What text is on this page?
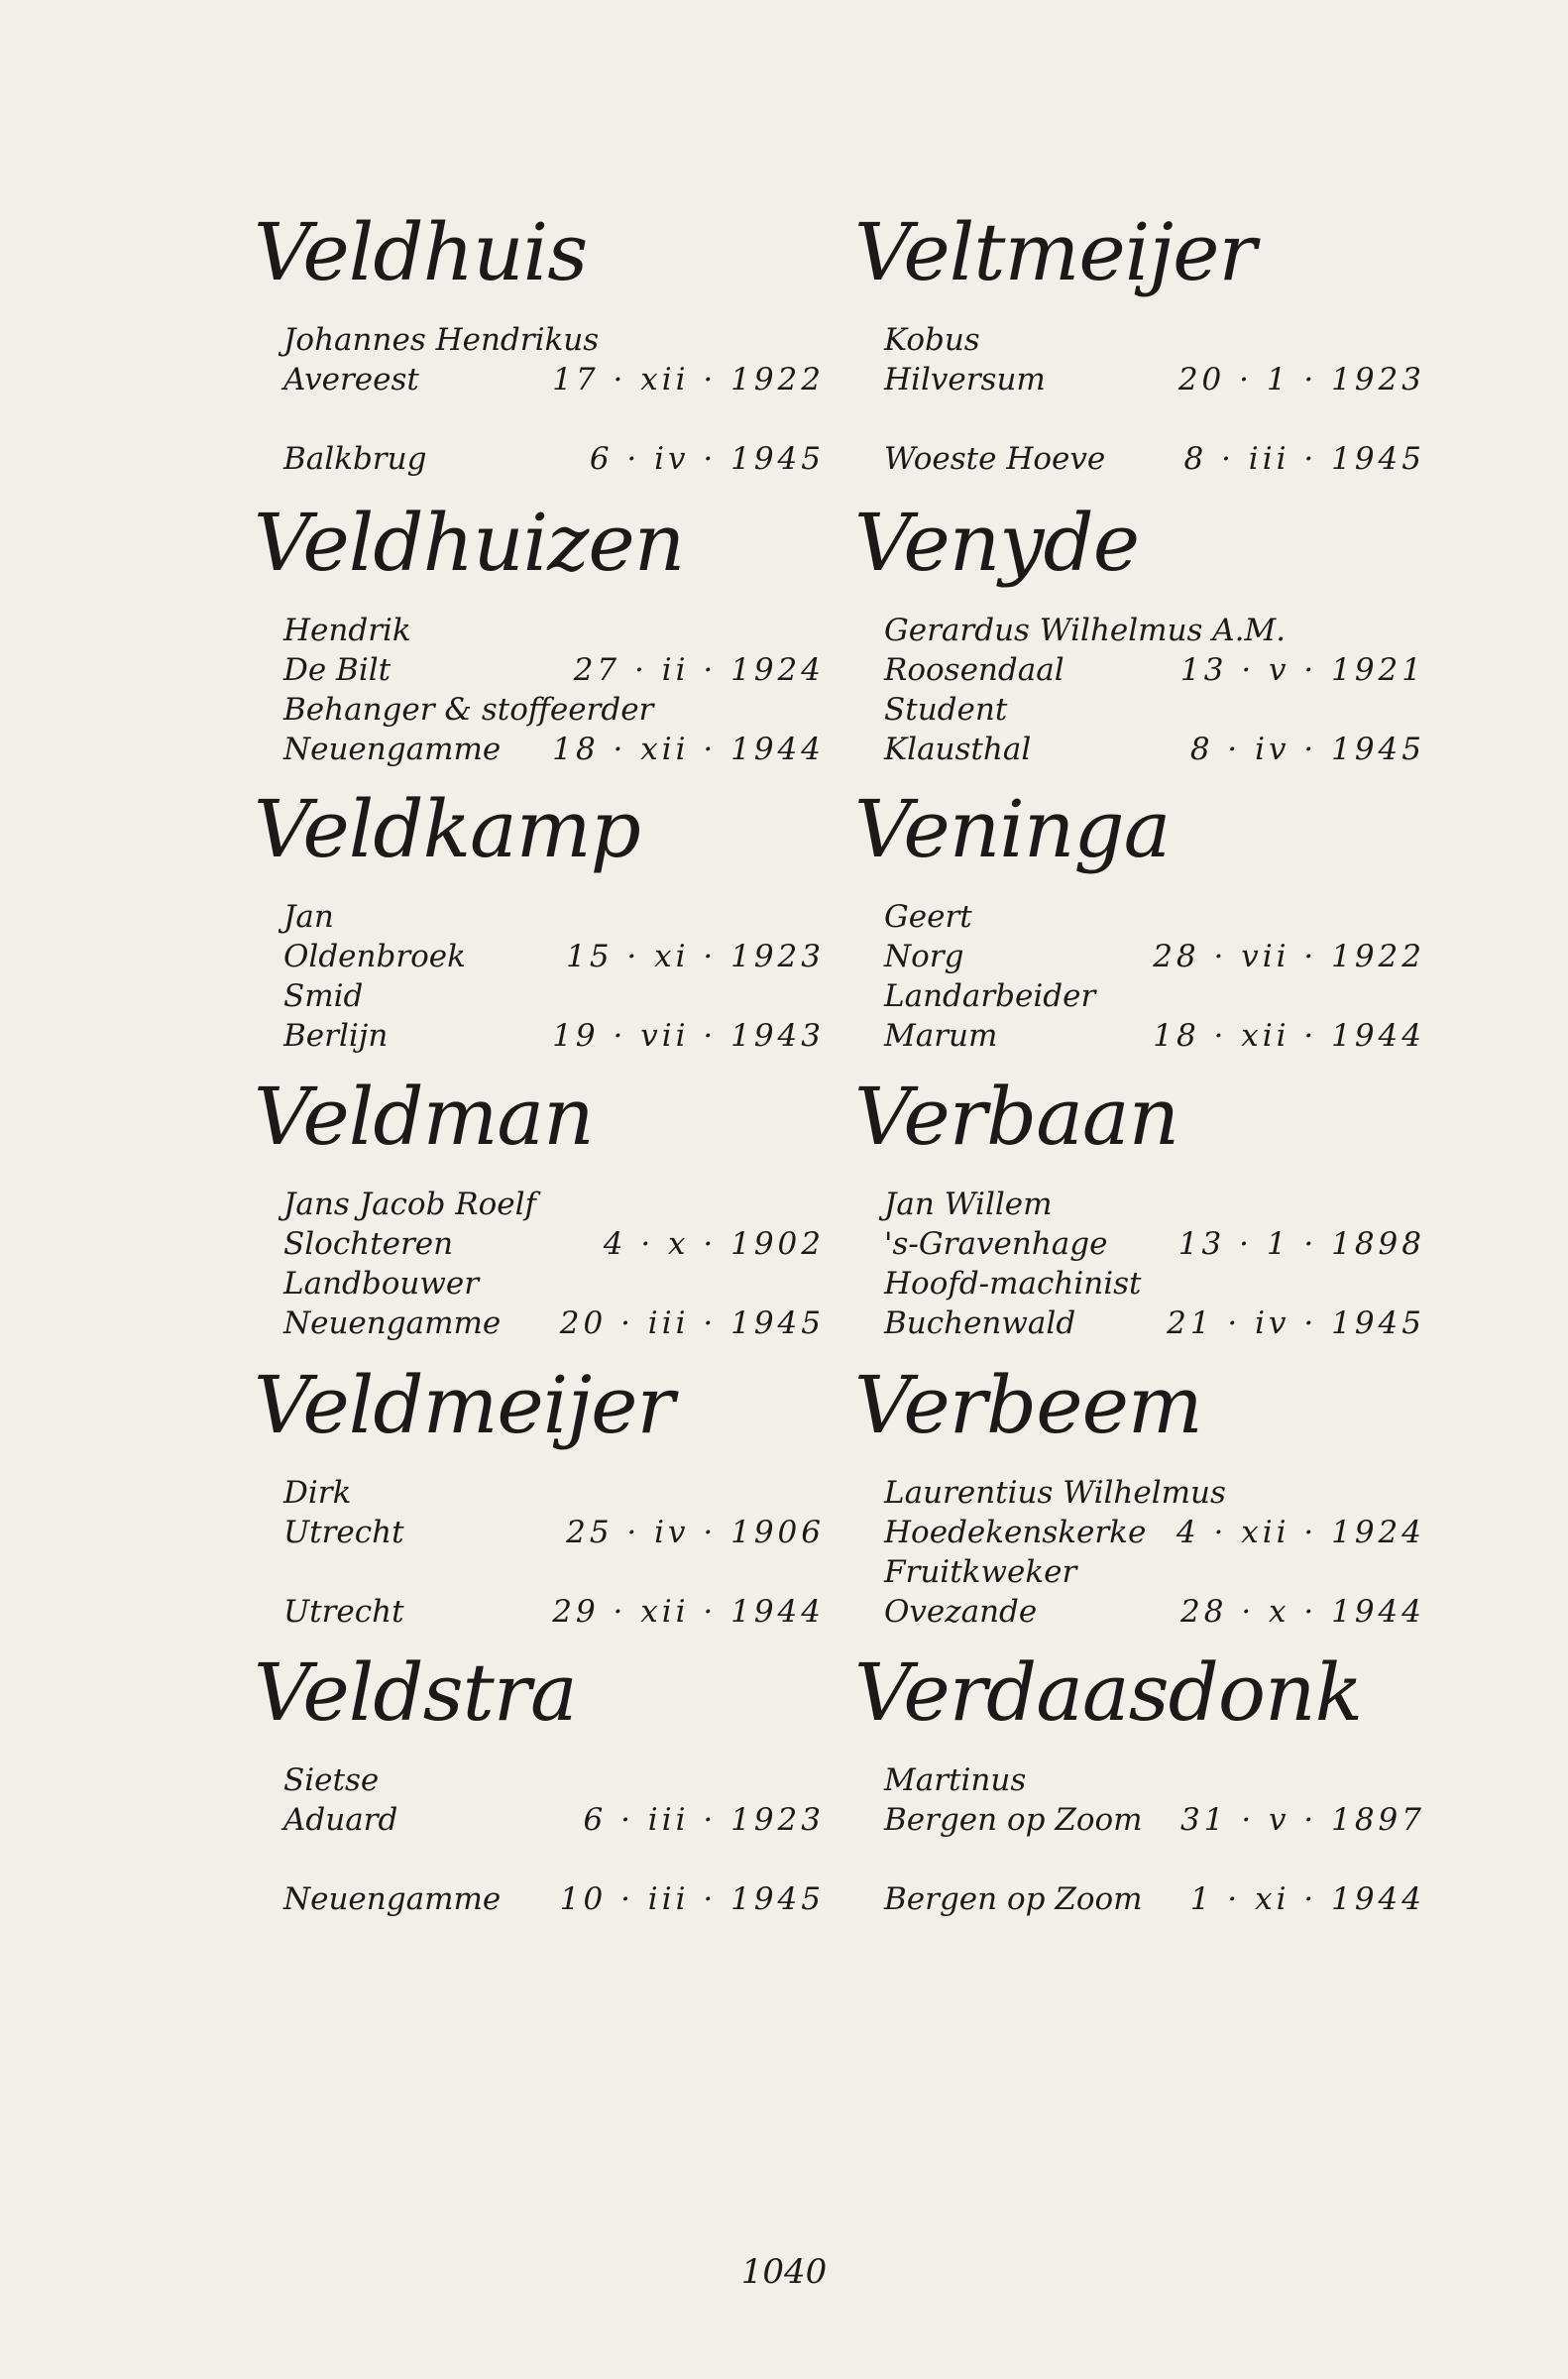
Veldhuis
Johannes Hendrikus
Avereest	17 · xii · 1922
Balkbrug	6 · iv · 1945
Veldhuizen
Hendrik
De Bilt	27 · ii · 1924
Behanger & stoffeerder
Neuengamme 18 · xii · 1944
Veldkamp
Jan
Oldenbroek	15 · xi · 1923
Smid
Berlijn	19 · vii · 1943
Veldman
Jans Jacob Roelf
Slochteren	4 · x · 1902
Landbouwer
Neuengamme 20 · iii · 1945
Veldmeijer
Dirk
Utrecht	25 · iv · 1906
Utrecht	29 · xii · 1944
Veldstra
Sietse
Aduard	6 · iii · 1923
Neuengamme 10 · iii · 1945
Veltmeijer
Kobus
Hilversum	20 · 1 · 1923
Woeste Hoeve	8 · iii · 1945
Venyde
Gerardus Wilhelmus A.M.
Roosendaal	13 · v · 1921
Student
Klausthal	8 · iv · 1945
Veninga
Geert
Norg	28 · vii · 1922
Landarbeider
Marum	18 · xii · 1944
Verbaan
Jan Willem
's-Gravenhage 13 · 1 · 1898
Hoofd-machinist
Buchenwald	21 · iv · 1945
Verbeem
Laurentius Wilhelmus
Hoedekenskerke 4 · xii · 1924
Fruitkweker
Ovezande	28 · x · 1944
Verdaasdonk
Martinus
Bergen op Zoom 31 · v · 1897
Bergen op Zoom 1 · xi · 1944
1040
